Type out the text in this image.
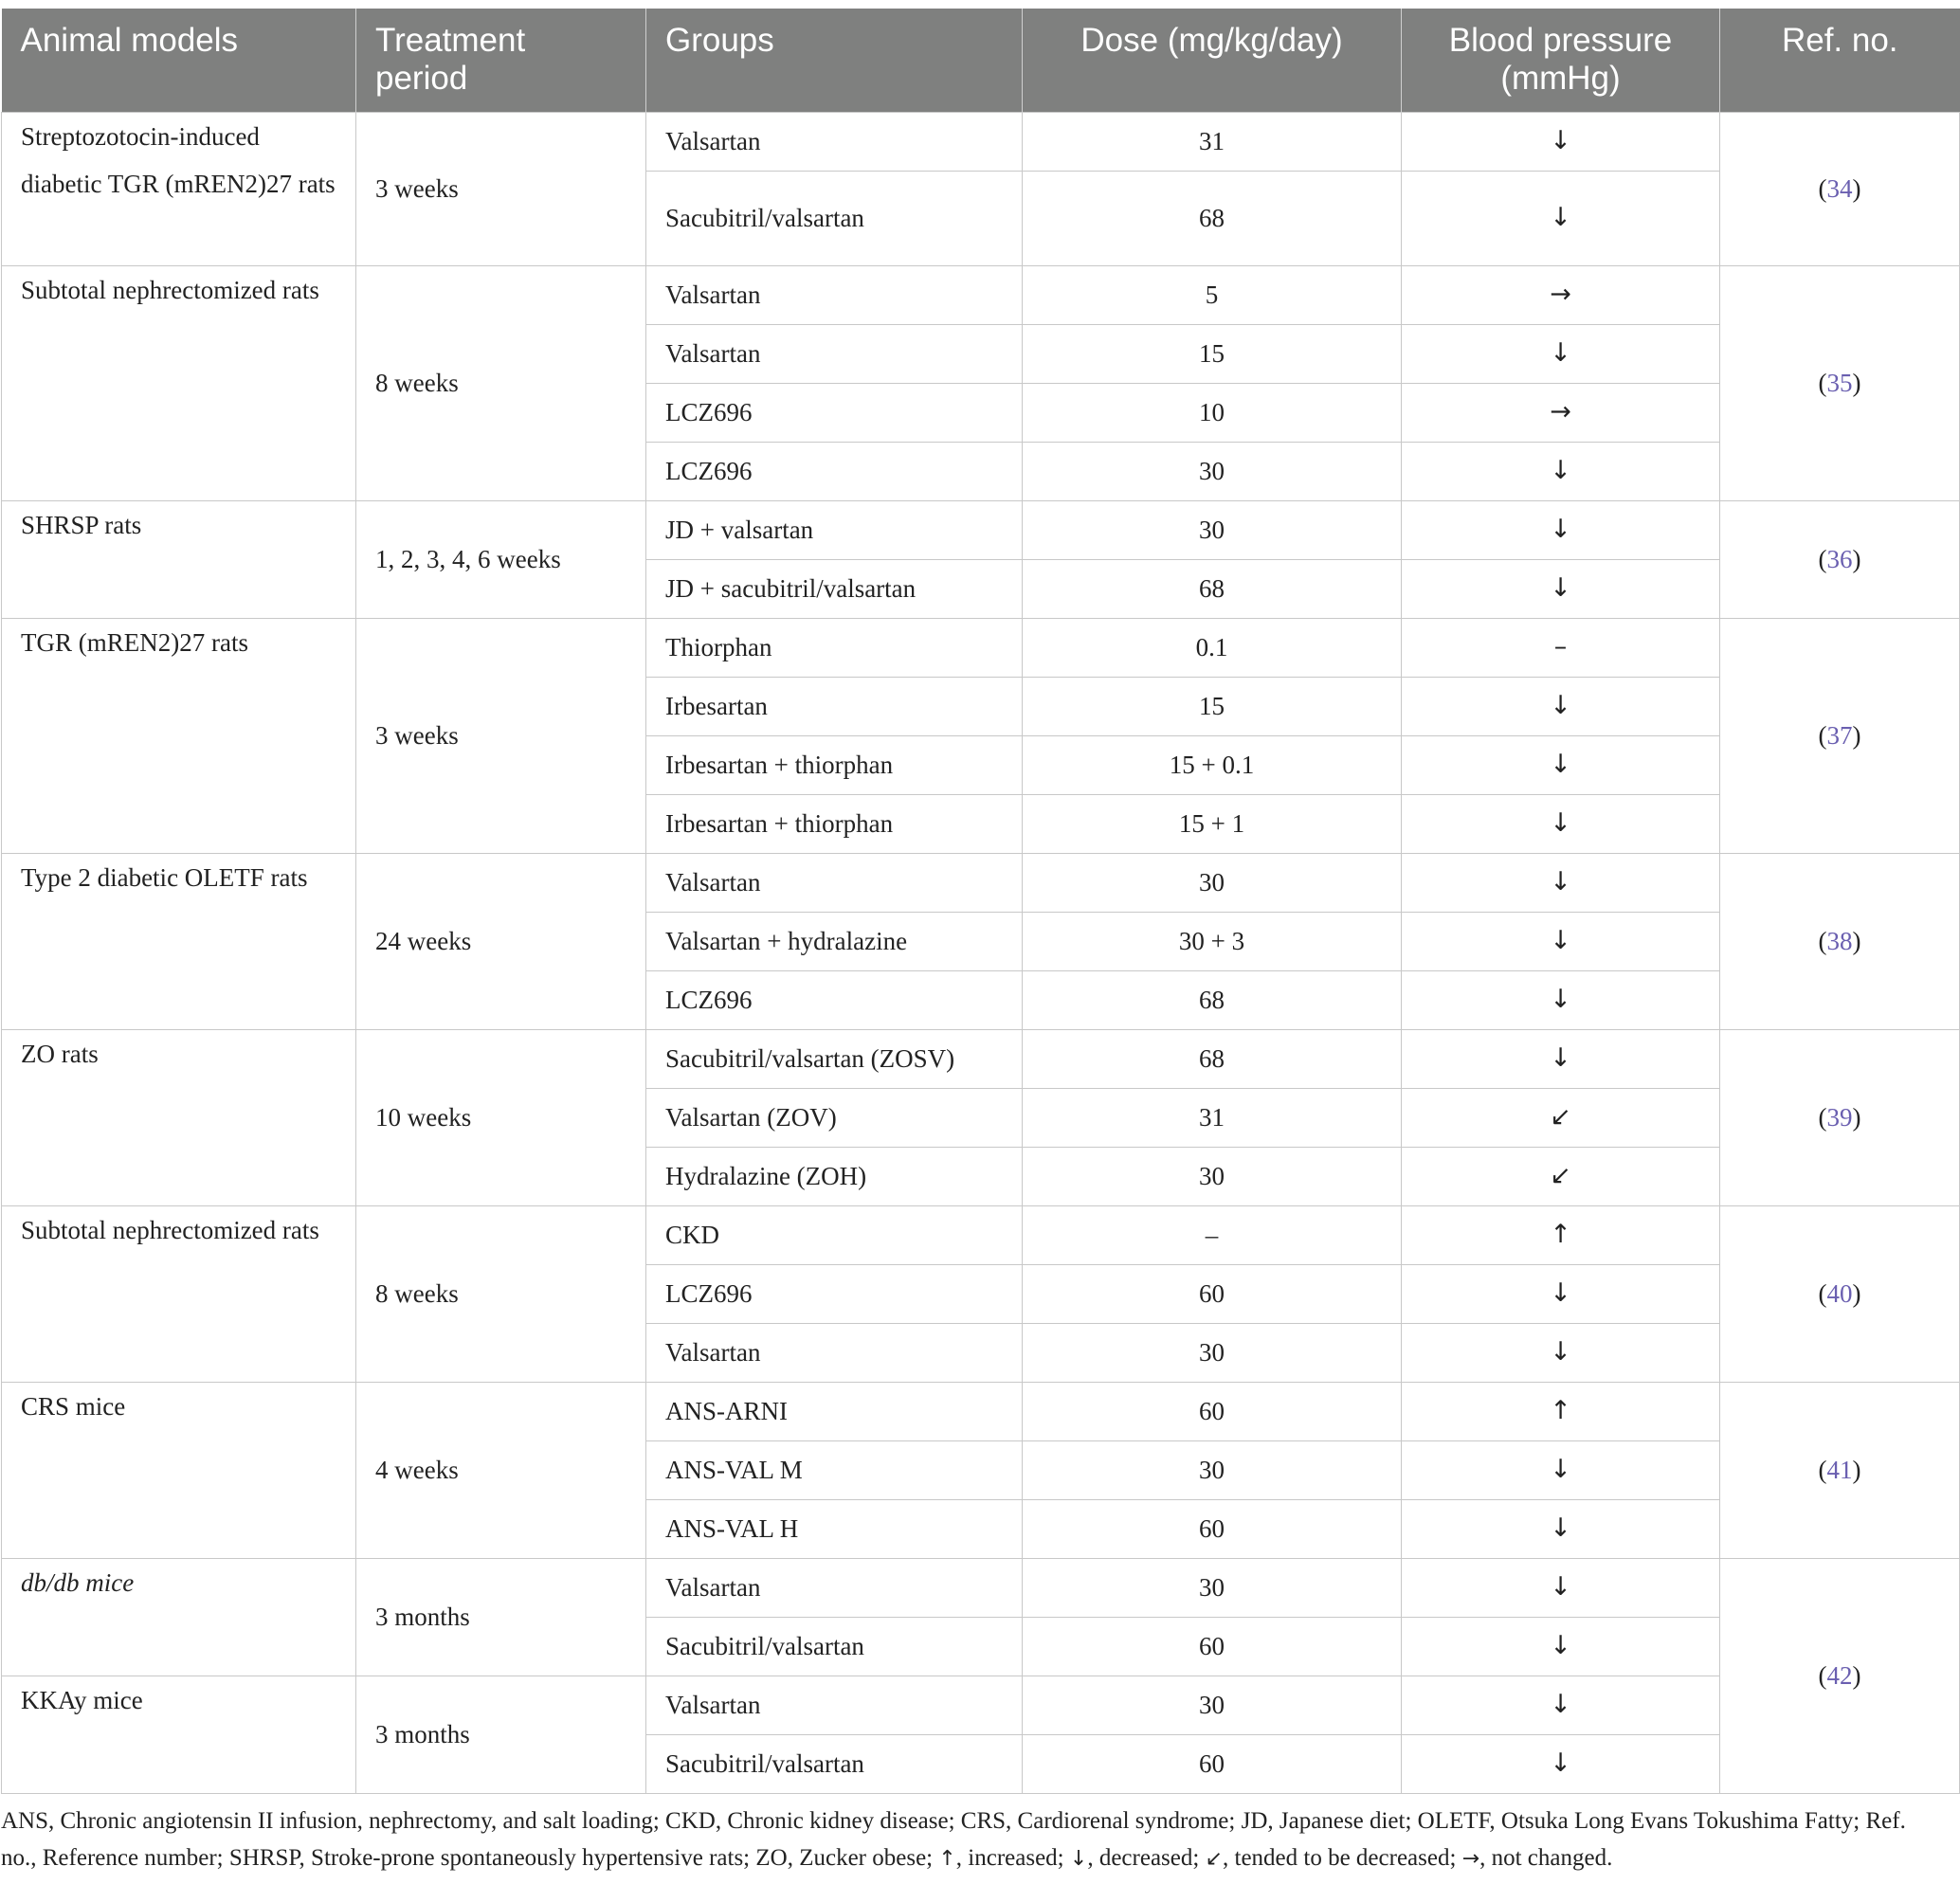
Animal models	Treatment period	Groups	Dose (mg/kg/day)	Blood pressure (mmHg)	Ref. no.
Streptozotocin-induced diabetic TGR (mREN2)27 rats	3 weeks	Valsartan	31	↓	(34)
		Sacubitril/valsartan	68	↓	
Subtotal nephrectomized rats	8 weeks	Valsartan	5	→	(35)
		Valsartan	15	↓	
		LCZ696	10	→	
		LCZ696	30	↓	
SHRSP rats	1, 2, 3, 4, 6 weeks	JD + valsartan	30	↓	(36)
		JD + sacubitril/valsartan	68	↓	
TGR (mREN2)27 rats	3 weeks	Thiorphan	0.1	–	(37)
		Irbesartan	15	↓	
		Irbesartan + thiorphan	15 + 0.1	↓	
		Irbesartan + thiorphan	15 + 1	↓	
Type 2 diabetic OLETF rats	24 weeks	Valsartan	30	↓	(38)
		Valsartan + hydralazine	30 + 3	↓	
		LCZ696	68	↓	
ZO rats	10 weeks	Sacubitril/valsartan (ZOSV)	68	↓	(39)
		Valsartan (ZOV)	31	↙	
		Hydralazine (ZOH)	30	↙	
Subtotal nephrectomized rats	8 weeks	CKD	–	↑	(40)
		LCZ696	60	↓	
		Valsartan	30	↓	
CRS mice	4 weeks	ANS-ARNI	60	↑	(41)
		ANS-VAL M	30	↓	
		ANS-VAL H	60	↓	
db/db mice	3 months	Valsartan	30	↓	(42)
		Sacubitril/valsartan	60	↓	
KKAy mice	3 months	Valsartan	30	↓	
		Sacubitril/valsartan	60	↓	
ANS, Chronic angiotensin II infusion, nephrectomy, and salt loading; CKD, Chronic kidney disease; CRS, Cardiorenal syndrome; JD, Japanese diet; OLETF, Otsuka Long Evans Tokushima Fatty; Ref. no., Reference number; SHRSP, Stroke-prone spontaneously hypertensive rats; ZO, Zucker obese; ↑, increased; ↓, decreased; ↙, tended to be decreased; →, not changed.
